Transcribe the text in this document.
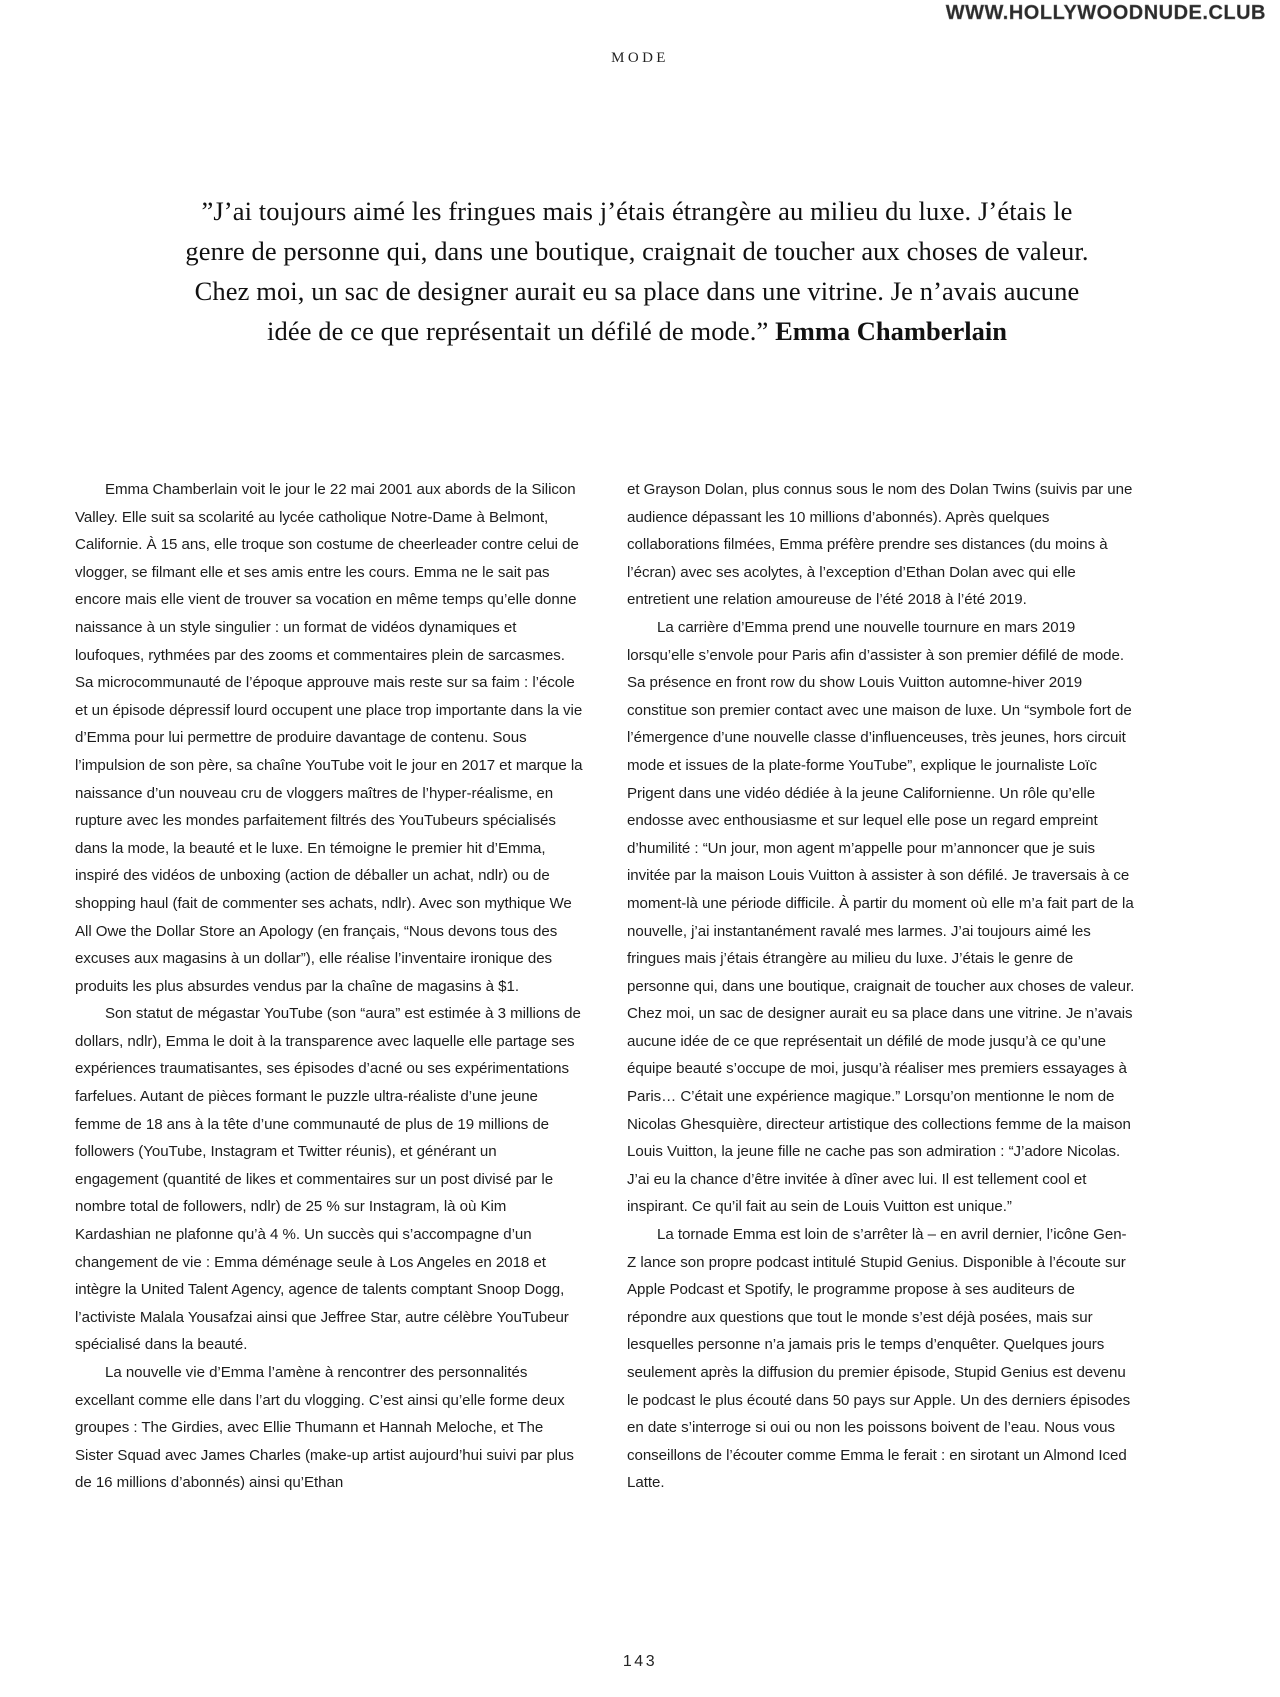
WWW.HOLLYWOODNUDE.CLUB
MODE
”J’ai toujours aimé les fringues mais j’étais étrangère au milieu du luxe. J’étais le genre de personne qui, dans une boutique, craignait de toucher aux choses de valeur. Chez moi, un sac de designer aurait eu sa place dans une vitrine. Je n’avais aucune idée de ce que représentait un défilé de mode.” Emma Chamberlain

Emma Chamberlain voit le jour le 22 mai 2001 aux abords de la Silicon Valley. Elle suit sa scolarité au lycée catholique Notre-Dame à Belmont, Californie. À 15 ans, elle troque son costume de cheerleader contre celui de vlogger, se filmant elle et ses amis entre les cours. Emma ne le sait pas encore mais elle vient de trouver sa vocation en même temps qu’elle donne naissance à un style singulier : un format de vidéos dynamiques et loufoques, rythmées par des zooms et commentaires plein de sarcasmes. Sa microcommunauté de l’époque approuve mais reste sur sa faim : l’école et un épisode dépressif lourd occupent une place trop importante dans la vie d’Emma pour lui permettre de produire davantage de contenu. Sous l’impulsion de son père, sa chaîne YouTube voit le jour en 2017 et marque la naissance d’un nouveau cru de vloggers maîtres de l’hyper-réalisme, en rupture avec les mondes parfaitement filtrés des YouTubeurs spécialisés dans la mode, la beauté et le luxe. En témoigne le premier hit d’Emma, inspiré des vidéos de unboxing (action de déballer un achat, ndlr) ou de shopping haul (fait de commenter ses achats, ndlr). Avec son mythique We All Owe the Dollar Store an Apology (en français, “Nous devons tous des excuses aux magasins à un dollar”), elle réalise l’inventaire ironique des produits les plus absurdes vendus par la chaîne de magasins à $1.

Son statut de mégastar YouTube (son “aura” est estimée à 3 millions de dollars, ndlr), Emma le doit à la transparence avec laquelle elle partage ses expériences traumatisantes, ses épisodes d’acné ou ses expérimentations farfelues. Autant de pièces formant le puzzle ultra-réaliste d’une jeune femme de 18 ans à la tête d’une communauté de plus de 19 millions de followers (YouTube, Instagram et Twitter réunis), et générant un engagement (quantité de likes et commentaires sur un post divisé par le nombre total de followers, ndlr) de 25 % sur Instagram, là où Kim Kardashian ne plafonne qu’à 4 %. Un succès qui s’accompagne d’un changement de vie : Emma déménage seule à Los Angeles en 2018 et intègre la United Talent Agency, agence de talents comptant Snoop Dogg, l’activiste Malala Yousafzai ainsi que Jeffree Star, autre célèbre YouTubeur spécialisé dans la beauté.

La nouvelle vie d’Emma l’amène à rencontrer des personnalités excellant comme elle dans l’art du vlogging. C’est ainsi qu’elle forme deux groupes : The Girdies, avec Ellie Thumann et Hannah Meloche, et The Sister Squad avec James Charles (make-up artist aujourd’hui suivi par plus de 16 millions d’abonnés) ainsi qu’Ethan

et Grayson Dolan, plus connus sous le nom des Dolan Twins (suivis par une audience dépassant les 10 millions d’abonnés). Après quelques collaborations filmées, Emma préfère prendre ses distances (du moins à l’écran) avec ses acolytes, à l’exception d’Ethan Dolan avec qui elle entretient une relation amoureuse de l’été 2018 à l’été 2019.

La carrière d’Emma prend une nouvelle tournure en mars 2019 lorsqu’elle s’envole pour Paris afin d’assister à son premier défilé de mode. Sa présence en front row du show Louis Vuitton automne-hiver 2019 constitue son premier contact avec une maison de luxe. Un “symbole fort de l’émergence d’une nouvelle classe d’influenceuses, très jeunes, hors circuit mode et issues de la plate-forme YouTube”, explique le journaliste Loïc Prigent dans une vidéo dédiée à la jeune Californienne. Un rôle qu’elle endosse avec enthousiasme et sur lequel elle pose un regard empreint d’humilité : “Un jour, mon agent m’appelle pour m’annoncer que je suis invitée par la maison Louis Vuitton à assister à son défilé. Je traversais à ce moment-là une période difficile. À partir du moment où elle m’a fait part de la nouvelle, j’ai instantanément ravalé mes larmes. J’ai toujours aimé les fringues mais j’étais étrangère au milieu du luxe. J’étais le genre de personne qui, dans une boutique, craignait de toucher aux choses de valeur. Chez moi, un sac de designer aurait eu sa place dans une vitrine. Je n’avais aucune idée de ce que représentait un défilé de mode jusqu’à ce qu’une équipe beauté s’occupe de moi, jusqu’à réaliser mes premiers essayages à Paris… C’était une expérience magique.” Lorsqu’on mentionne le nom de Nicolas Ghesquière, directeur artistique des collections femme de la maison Louis Vuitton, la jeune fille ne cache pas son admiration : “J’adore Nicolas. J’ai eu la chance d’être invitée à dîner avec lui. Il est tellement cool et inspirant. Ce qu’il fait au sein de Louis Vuitton est unique.”

La tornade Emma est loin de s’arrêter là – en avril dernier, l’icône Gen-Z lance son propre podcast intitulé Stupid Genius. Disponible à l’écoute sur Apple Podcast et Spotify, le programme propose à ses auditeurs de répondre aux questions que tout le monde s’est déjà posées, mais sur lesquelles personne n’a jamais pris le temps d’enquêter. Quelques jours seulement après la diffusion du premier épisode, Stupid Genius est devenu le podcast le plus écouté dans 50 pays sur Apple. Un des derniers épisodes en date s’interroge si oui ou non les poissons boivent de l’eau. Nous vous conseillons de l’écouter comme Emma le ferait : en sirotant un Almond Iced Latte.

143
